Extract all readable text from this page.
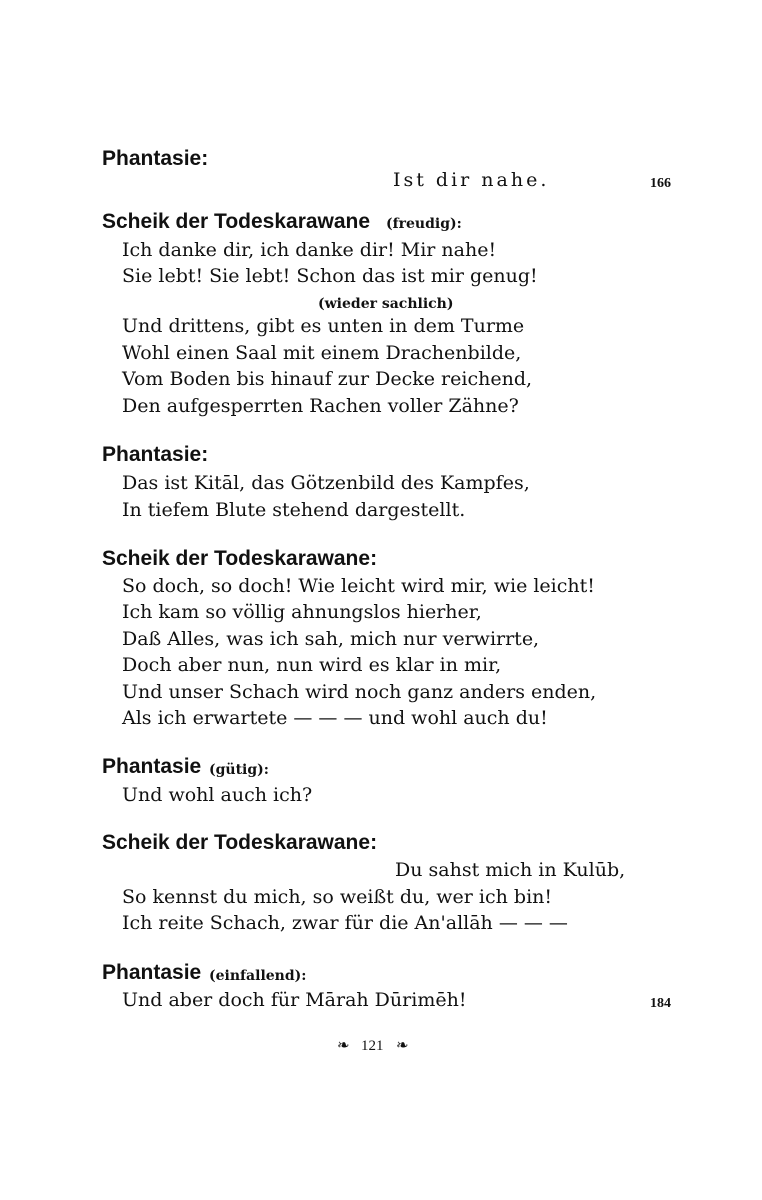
Phantasie:
Ist dir nahe.	166
Scheik der Todeskarawane (freudig):
Ich danke dir, ich danke dir! Mir nahe!
Sie lebt! Sie lebt! Schon das ist mir genug!
(wieder sachlich)
Und drittens, gibt es unten in dem Turme
Wohl einen Saal mit einem Drachenbilde,
Vom Boden bis hinauf zur Decke reichend,
Den aufgesperrten Rachen voller Zähne?
Phantasie:
Das ist Kitāl, das Götzenbild des Kampfes,
In tiefem Blute stehend dargestellt.
Scheik der Todeskarawane:
So doch, so doch! Wie leicht wird mir, wie leicht!
Ich kam so völlig ahnungslos hierher,
Daß Alles, was ich sah, mich nur verwirrte,
Doch aber nun, nun wird es klar in mir,
Und unser Schach wird noch ganz anders enden,
Als ich erwartete — — — und wohl auch du!
Phantasie (gütig):
Und wohl auch ich?
Scheik der Todeskarawane:
Du sahst mich in Kulūb,
So kennst du mich, so weißt du, wer ich bin!
Ich reite Schach, zwar für die An'allāh — — —
Phantasie (einfallend):
Und aber doch für Mārah Dūrimēh!	184
❧ 121 ❧
